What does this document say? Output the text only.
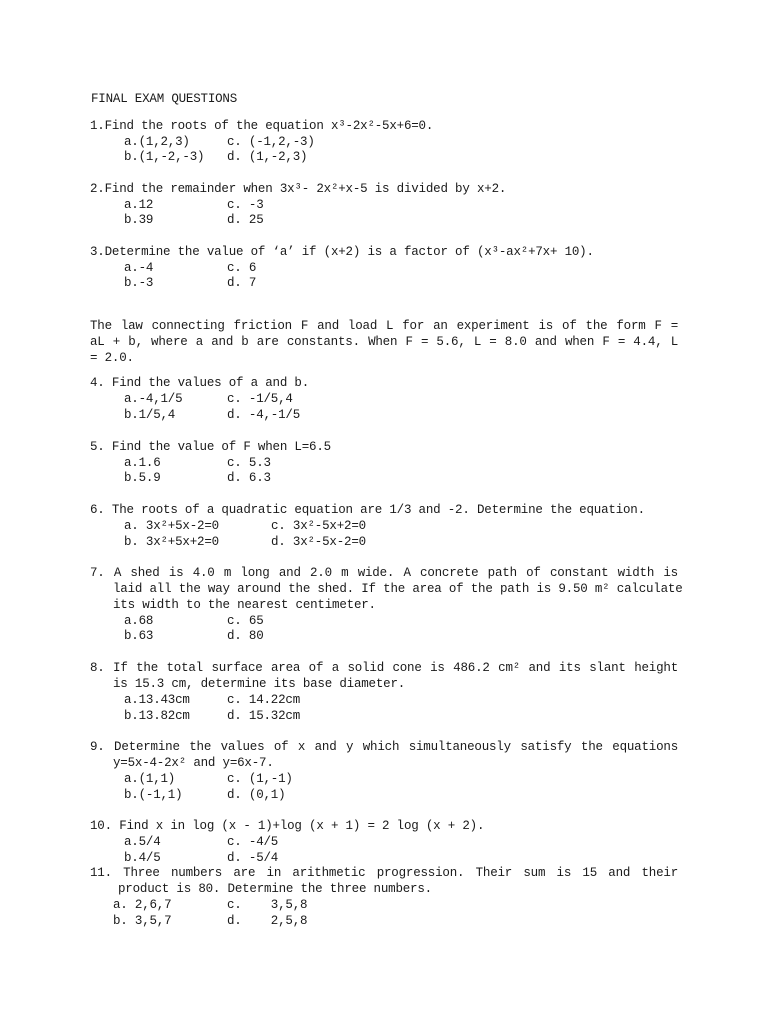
FINAL EXAM QUESTIONS
1.Find the roots of the equation x³-2x²-5x+6=0.
a.(1,2,3)	c. (-1,2,-3)
b.(1,-2,-3) d. (1,-2,3)
2.Find the remainder when 3x³- 2x²+x-5 is divided by x+2.
a.12	c. -3
b.39	d. 25
3.Determine the value of ‘a’ if (x+2) is a factor of (x³-ax²+7x+ 10).
a.-4	c. 6
b.-3	d. 7
The law connecting friction F and load L for an experiment is of the form F =
aL + b, where a and b are constants. When F = 5.6, L = 8.0 and when F = 4.4, L
= 2.0.
4. Find the values of a and b.
a.-4,1/5	c. -1/5,4
b.1/5,4	d. -4,-1/5
5. Find the value of F when L=6.5
a.1.6	c. 5.3
b.5.9	d. 6.3
6. The roots of a quadratic equation are 1/3 and -2. Determine the equation.
a. 3x²+5x-2=0	c. 3x²-5x+2=0
b. 3x²+5x+2=0	d. 3x²-5x-2=0
7. A shed is 4.0 m long and 2.0 m wide. A concrete path of constant width is
laid all the way around the shed. If the area of the path is 9.50 m² calculate
its width to the nearest centimeter.
a.68	c. 65
b.63	d. 80
8. If the total surface area of a solid cone is 486.2 cm² and its slant height
is 15.3 cm, determine its base diameter.
a.13.43cm	c. 14.22cm
b.13.82cm	d. 15.32cm
9. Determine the values of x and y which simultaneously satisfy the equations
y=5x-4-2x² and y=6x-7.
a.(1,1)	c. (1,-1)
b.(-1,1)	d. (0,1)
10. Find x in log (x - 1)+log (x + 1) = 2 log (x + 2).
a.5/4	c. -4/5
b.4/5	d. -5/4
11. Three numbers are in arithmetic progression. Their sum is 15 and their
product is 80. Determine the three numbers.
a. 2,6,7	c.    3,5,8
b. 3,5,7	d.    2,5,8
